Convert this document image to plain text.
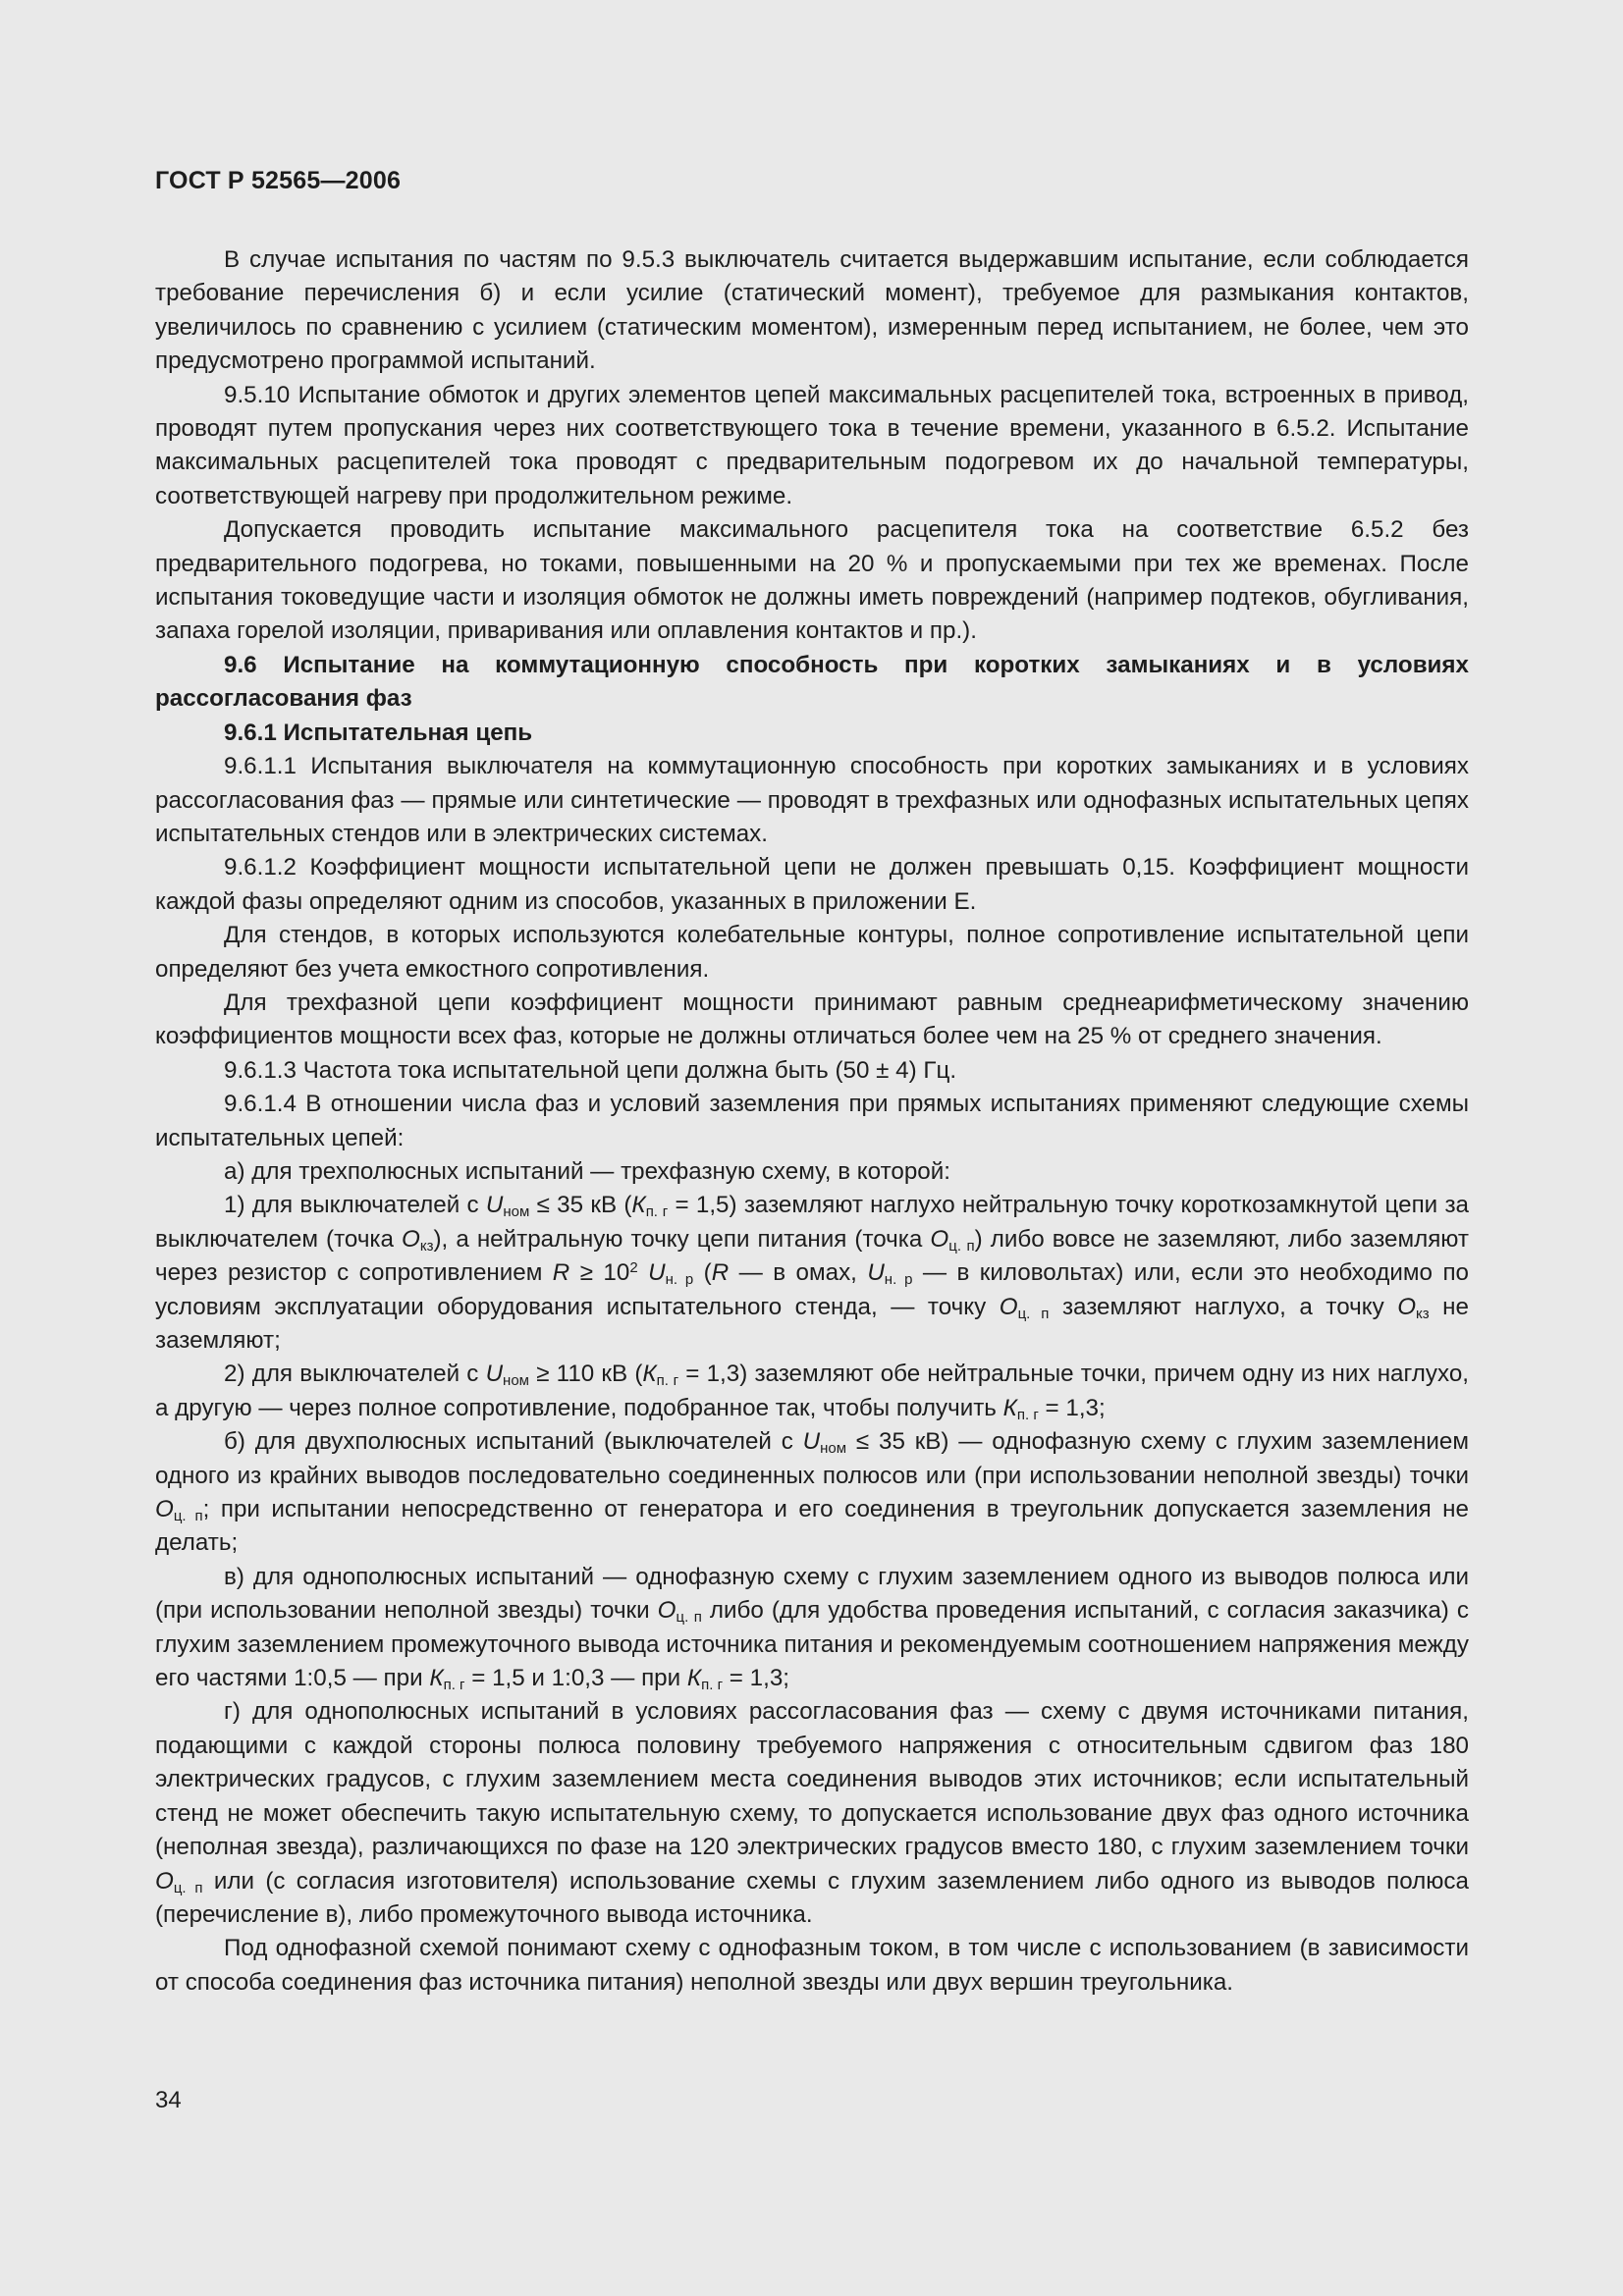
ГОСТ Р 52565—2006

В случае испытания по частям по 9.5.3 выключатель считается выдержавшим испытание, если соблюдается требование перечисления б) и если усилие (статический момент), требуемое для размыкания контактов, увеличилось по сравнению с усилием (статическим моментом), измеренным перед испытанием, не более, чем это предусмотрено программой испытаний.

9.5.10 Испытание обмоток и других элементов цепей максимальных расцепителей тока, встроенных в привод, проводят путем пропускания через них соответствующего тока в течение времени, указанного в 6.5.2. Испытание максимальных расцепителей тока проводят с предварительным подогревом их до начальной температуры, соответствующей нагреву при продолжительном режиме.

Допускается проводить испытание максимального расцепителя тока на соответствие 6.5.2 без предварительного подогрева, но токами, повышенными на 20 % и пропускаемыми при тех же временах. После испытания токоведущие части и изоляция обмоток не должны иметь повреждений (например подтеков, обугливания, запаха горелой изоляции, приваривания или оплавления контактов и пр.).

9.6 Испытание на коммутационную способность при коротких замыканиях и в условиях рассогласования фаз

9.6.1 Испытательная цепь

9.6.1.1 Испытания выключателя на коммутационную способность при коротких замыканиях и в условиях рассогласования фаз — прямые или синтетические — проводят в трехфазных или однофазных испытательных цепях испытательных стендов или в электрических системах.

9.6.1.2 Коэффициент мощности испытательной цепи не должен превышать 0,15. Коэффициент мощности каждой фазы определяют одним из способов, указанных в приложении Е.

Для стендов, в которых используются колебательные контуры, полное сопротивление испытательной цепи определяют без учета емкостного сопротивления.

Для трехфазной цепи коэффициент мощности принимают равным среднеарифметическому значению коэффициентов мощности всех фаз, которые не должны отличаться более чем на 25 % от среднего значения.

9.6.1.3 Частота тока испытательной цепи должна быть (50 ± 4) Гц.

9.6.1.4 В отношении числа фаз и условий заземления при прямых испытаниях применяют следующие схемы испытательных цепей:

а) для трехполюсных испытаний — трехфазную схему, в которой:

1) для выключателей с $U_{ном} \le 35$ кВ $(К_{п. г} = 1,5)$ заземляют наглухо нейтральную точку короткозамкнутой цепи за выключателем (точка $О_{кз}$), а нейтральную точку цепи питания (точка $О_{ц. п}$) либо вовсе не заземляют, либо заземляют через резистор с сопротивлением $R \ge 10^2$ $U_{н. р}$ (R — в омах, $U_{н. р}$ — в киловольтах) или, если это необходимо по условиям эксплуатации оборудования испытательного стенда, — точку $О_{ц. п}$ заземляют наглухо, а точку $О_{кз}$ не заземляют;

2) для выключателей с $U_{ном} \ge 110$ кВ $(К_{п. г} = 1,3)$ заземляют обе нейтральные точки, причем одну из них наглухо, а другую — через полное сопротивление, подобранное так, чтобы получить $К_{п. г} = 1,3$;

б) для двухполюсных испытаний (выключателей с $U_{ном} \le 35$ кВ) — однофазную схему с глухим заземлением одного из крайних выводов последовательно соединенных полюсов или (при использовании неполной звезды) точки $О_{ц. п}$; при испытании непосредственно от генератора и его соединения в треугольник допускается заземления не делать;

в) для однополюсных испытаний — однофазную схему с глухим заземлением одного из выводов полюса или (при использовании неполной звезды) точки $О_{ц. п}$ либо (для удобства проведения испытаний, с согласия заказчика) с глухим заземлением промежуточного вывода источника питания и рекомендуемым соотношением напряжения между его частями 1:0,5 — при $К_{п. г} = 1,5$ и 1:0,3 — при $К_{п. г} = 1,3$;

г) для однополюсных испытаний в условиях рассогласования фаз — схему с двумя источниками питания, подающими с каждой стороны полюса половину требуемого напряжения с относительным сдвигом фаз 180 электрических градусов, с глухим заземлением места соединения выводов этих источников; если испытательный стенд не может обеспечить такую испытательную схему, то допускается использование двух фаз одного источника (неполная звезда), различающихся по фазе на 120 электрических градусов вместо 180, с глухим заземлением точки $О_{ц. п}$ или (с согласия изготовителя) использование схемы с глухим заземлением либо одного из выводов полюса (перечисление в), либо промежуточного вывода источника.

Под однофазной схемой понимают схему с однофазным током, в том числе с использованием (в зависимости от способа соединения фаз источника питания) неполной звезды или двух вершин треугольника.

34
